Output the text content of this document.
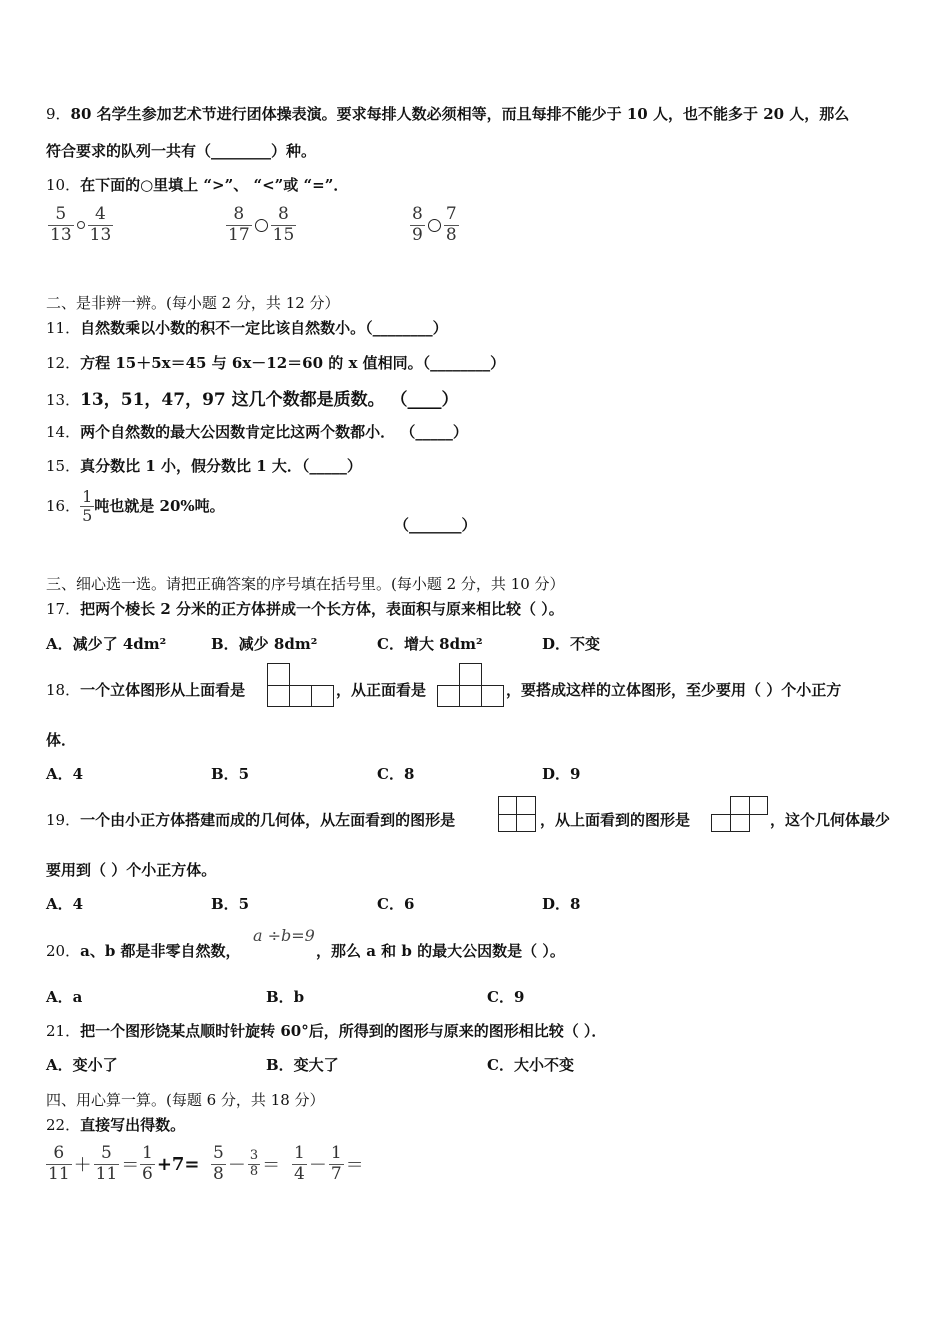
9．80 名学生参加艺术节进行团体操表演。要求每排人数必须相等，而且每排不能少于 10 人，也不能多于 20 人，那么
符合要求的队列一共有（________）种。
10．在下面的○里填上 “>”、 “<”或 “=”．
$\frac{5}{13} \frac{4}{13}$	$\frac{8}{17} \frac{8}{15}$	$\frac{8}{9} \frac{7}{8}$
二、是非辨一辨。(每小题 2 分，共 12 分）
11．自然数乘以小数的积不一定比该自然数小。（________）
12．方程 15＋5x＝45 与 6x－12＝60 的 x 值相同。（________）
13．13，51，47，97 这几个数都是质数。 （____）
14．两个自然数的最大公因数肯定比这两个数都小． （_____）
15．真分数比 1 小，假分数比 1 大．（_____）
16． $\frac{1}{5}$ 吨也就是 20%吨。
（_______）
三、细心选一选。请把正确答案的序号填在括号里。(每小题 2 分，共 10 分）
17．把两个棱长 2 分米的正方体拼成一个长方体，表面积与原来相比较（ ）。
A．减少了 4dm²	B．减少 8dm²	C．增大 8dm²	D．不变
18．一个立体图形从上面看是	，从正面看是	，要搭成这样的立体图形，至少要用（ ）个小正方
体．
A．4	B．5	C．8	D．9
19．一个由小正方体搭建而成的几何体，从左面看到的图形是	，从上面看到的图形是	，这个几何体最少
要用到（ ）个小正方体。
A．4	B．5	C．6	D．8
20．a、b 都是非零自然数，
a ÷b=9
，那么 a 和 b 的最大公因数是（ ）。
A．a	B．b	C．9
21．把一个图形饶某点顺时针旋转 60°后，所得到的图形与原来的图形相比较（ ）．
A．变小了	B．变大了	C．大小不变
四、用心算一算。(每题 6 分，共 18 分）
22．直接写出得数。
$\frac{6}{11} + \frac{5}{11} = \frac{1}{6} +7= \frac{5}{8} - \frac{3}{8} = \frac{1}{4} - \frac{1}{7}$ ＝
